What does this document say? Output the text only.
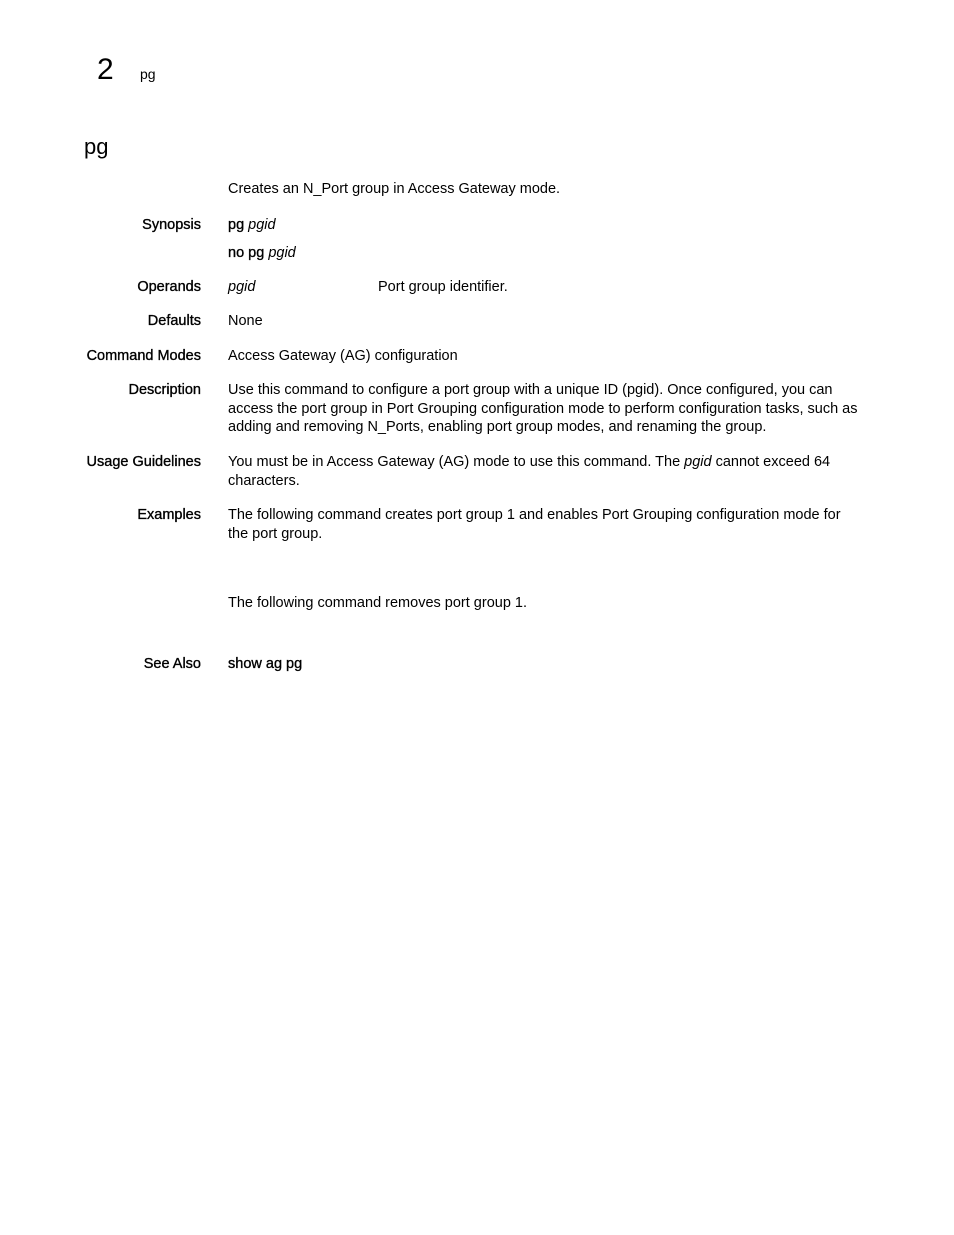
2 pg
pg
Creates an N_Port group in Access Gateway mode.
Synopsis pg pgid
no pg pgid
Operands pgid	Port group identifier.
Defaults None
Command Modes Access Gateway (AG) configuration
Description Use this command to configure a port group with a unique ID (pgid). Once configured, you can access the port group in Port Grouping configuration mode to perform configuration tasks, such as adding and removing N_Ports, enabling port group modes, and renaming the group.
Usage Guidelines You must be in Access Gateway (AG) mode to use this command. The pgid cannot exceed 64 characters.
Examples The following command creates port group 1 and enables Port Grouping configuration mode for the port group.
The following command removes port group 1.
See Also show ag pg
